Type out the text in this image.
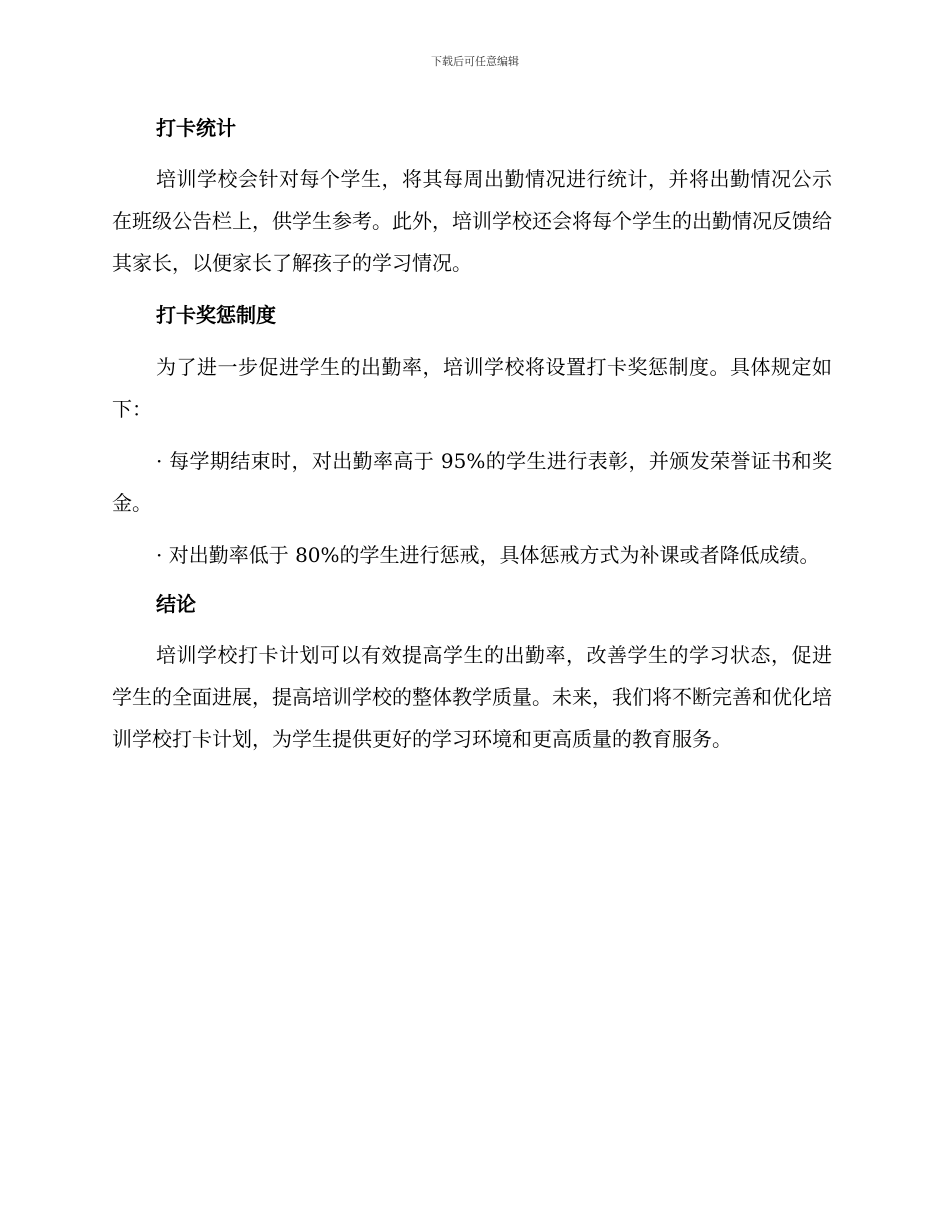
下载后可任意编辑
打卡统计

培训学校会针对每个学生，将其每周出勤情况进行统计，并将出勤情况公示在班级公告栏上，供学生参考。此外，培训学校还会将每个学生的出勤情况反馈给其家长，以便家长了解孩子的学习情况。

打卡奖惩制度

为了进一步促进学生的出勤率，培训学校将设置打卡奖惩制度。具体规定如下：

· 每学期结束时，对出勤率高于 95%的学生进行表彰，并颁发荣誉证书和奖金。

· 对出勤率低于 80%的学生进行惩戒，具体惩戒方式为补课或者降低成绩。

结论

培训学校打卡计划可以有效提高学生的出勤率，改善学生的学习状态，促进学生的全面进展，提高培训学校的整体教学质量。未来，我们将不断完善和优化培训学校打卡计划，为学生提供更好的学习环境和更高质量的教育服务。
